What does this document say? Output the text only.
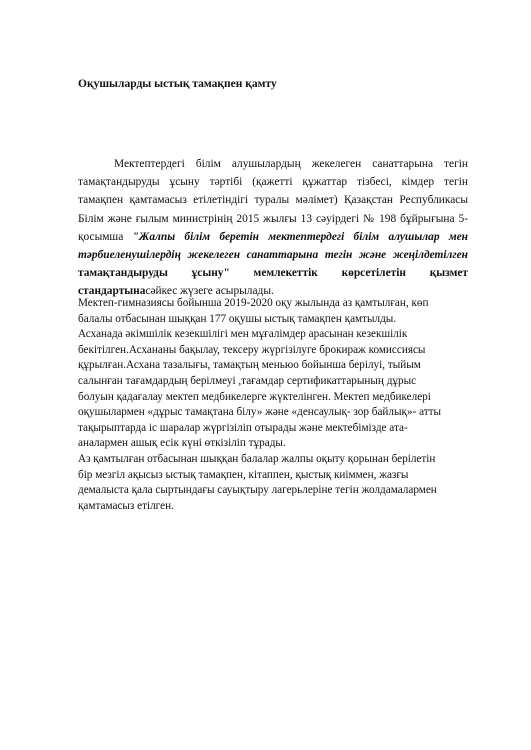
Оқушыларды ыстық тамақпен қамту
Мектептердегі білім алушылардың жекелеген санаттарына тегін
тамақтандыруды ұсыну тәртібі (қажетті құжаттар тізбесі, кімдер тегін
тамақпен қамтамасыз етілетіндігі туралы мәлімет) Қазақстан Республикасы
Білім және ғылым министрінің 2015 жылғы 13 сәуірдегі № 198 бұйрығына 5-
қосымша "Жалпы білім беретін мектептердегі білім алушылар мен
тәрбиеленушілердің жекелеген санаттарына тегін және жеңілдетілген
тамақтандыруды ұсыну" мемлекеттік көрсетілетін қызмет
стандартынасәйкес жүзеге асырылады.
Мектеп-гимназиясы бойынша 2019-2020 оқу жылында аз қамтылған, көп
балалы отбасынан шыққан 177 оқушы ыстық тамақпен қамтылды.
Асханада әкімшілік кезекшілігі мен мұғалімдер арасынан кезекшілік
бекітілген.Асхананы бақылау, тексеру жүргізілуге брокираж комиссиясы
құрылған.Асхана тазалығы, тамақтың меньюо бойынша берілуі, тыйым
салынған тағамдардың берілмеуі ,тағамдар сертификаттарының дұрыс
болуын қадағалау мектеп медбикелерге жүктелінген. Мектеп медбикелері
оқушылармен «дұрыс тамақтана білу» және «денсаулық- зор байлық»- атты
тақырыптарда іс шаралар жүргізіліп отырады және мектебімізде ата-
аналармен ашық есік күні өткізіліп тұрады.
Аз қамтылған отбасынан шыққан балалар жалпы оқыту қорынан берілетін
бір мезгіл ақысыз ыстық тамақпен, кітаппен, қыстық киіммен, жазғы
демалыста қала сыртындағы сауықтыру лагерьлеріне тегін жолдамалармен
қамтамасыз етілген.
